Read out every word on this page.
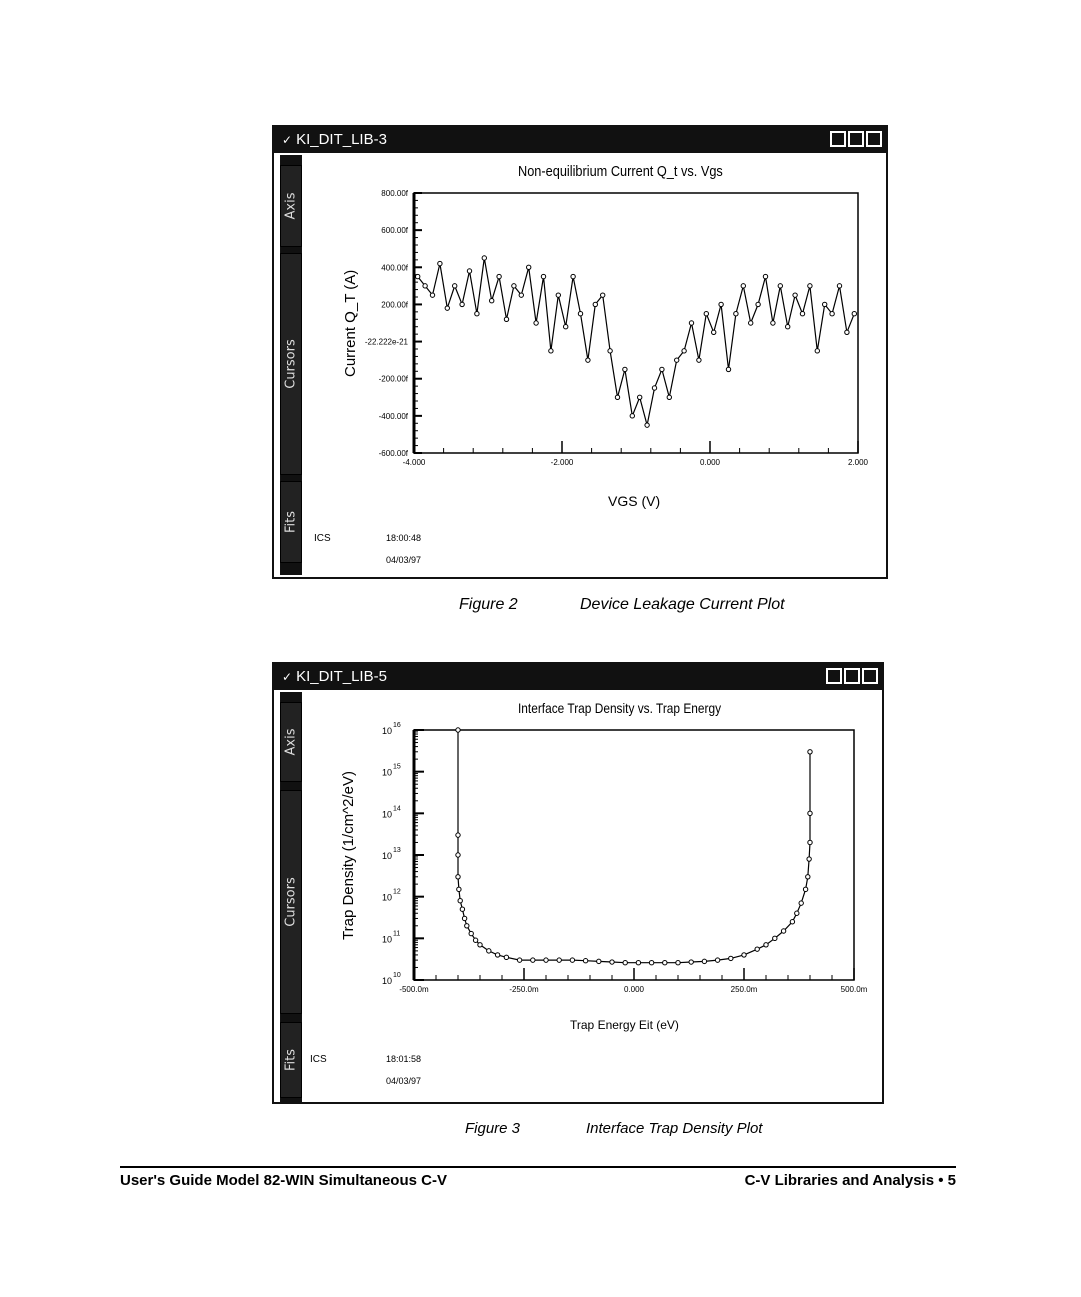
✓ KI_DIT_LIB-3
Axis
Cursors
Fits
Non-equilibrium Current Q_t vs. Vgs
Current Q_T (A)
800.00f
600.00f
400.00f
200.00f
-22.222e-21
-200.00f
-400.00f
-600.00f
-4.000	-2.000	0.000	2.000
VGS (V)
ICS	18:00:48
04/03/97
Figure 2	Device Leakage Current Plot
✓ KI_DIT_LIB-5
Axis
Cursors
Fits
Interface Trap Density vs. Trap Energy
Trap Density (1/cm^2/eV)
10
16
10
15
10
14
10
13
10
12
10
11
10
10
-500.0m	-250.0m	0.000	250.0m	500.0m
Trap Energy Eit (eV)
ICS	18:01:58
04/03/97
Figure 3	Interface Trap Density Plot
User's Guide Model 82-WIN Simultaneous C-V	C-V Libraries and Analysis • 5
